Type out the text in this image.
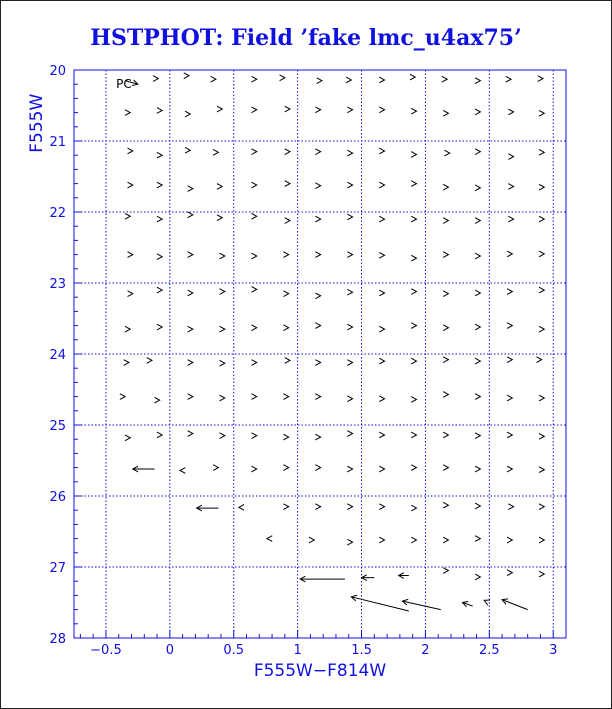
HSTPHOT: Field ’fake lmc_u4ax75’
−0.5	0	0.5	1	1.5	2	2.5	3
20
21
22
23
24
25
26
27
28
PC
F555W−F814W
F555W
